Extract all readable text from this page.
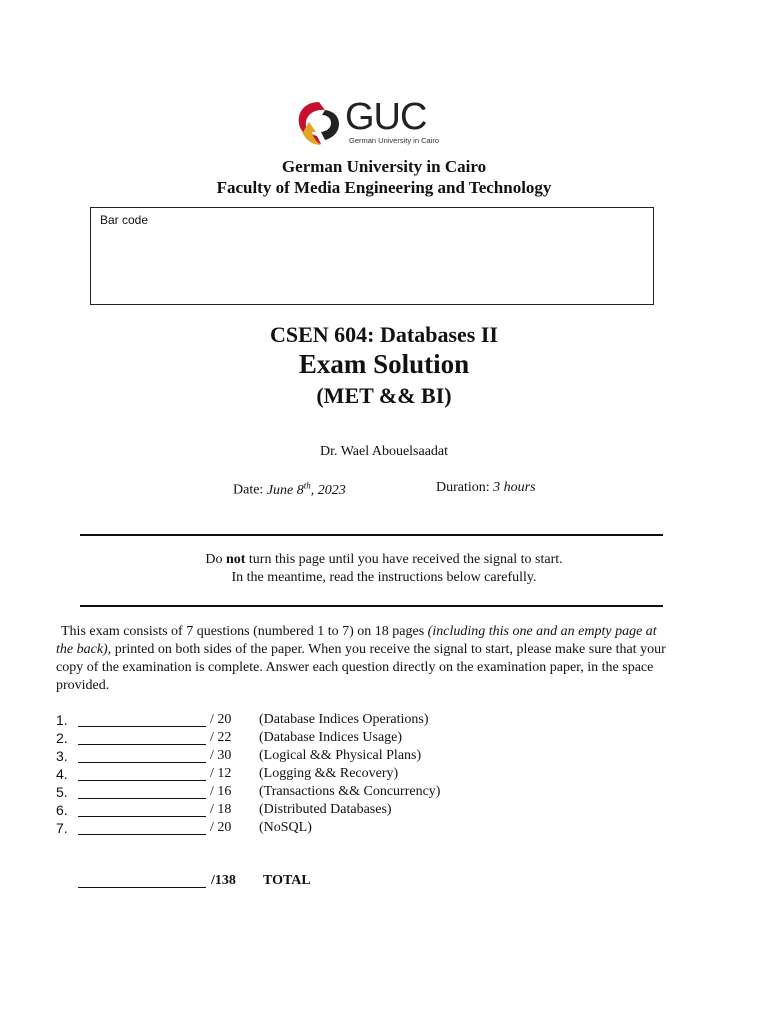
GUC
German University in Cairo
German University in Cairo
Faculty of Media Engineering and Technology
Bar code
CSEN 604: Databases II
Exam Solution
(MET && BI)
Dr. Wael Abouelsaadat
Date: June 8th, 2023	Duration: 3 hours
Do not turn this page until you have received the signal to start.
In the meantime, read the instructions below carefully.
This exam consists of 7 questions (numbered 1 to 7) on 18 pages (including this one and an empty page at the back), printed on both sides of the paper. When you receive the signal to start, please make sure that your copy of the examination is complete. Answer each question directly on the examination paper, in the space provided.
1.	/ 20 (Database Indices Operations)
2.	/ 22 (Database Indices Usage)
3.	/ 30 (Logical && Physical Plans)
4.	/ 12 (Logging && Recovery)
5.	/ 16 (Transactions && Concurrency)
6.	/ 18 (Distributed Databases)
7.	/ 20 (NoSQL)
/138 TOTAL
